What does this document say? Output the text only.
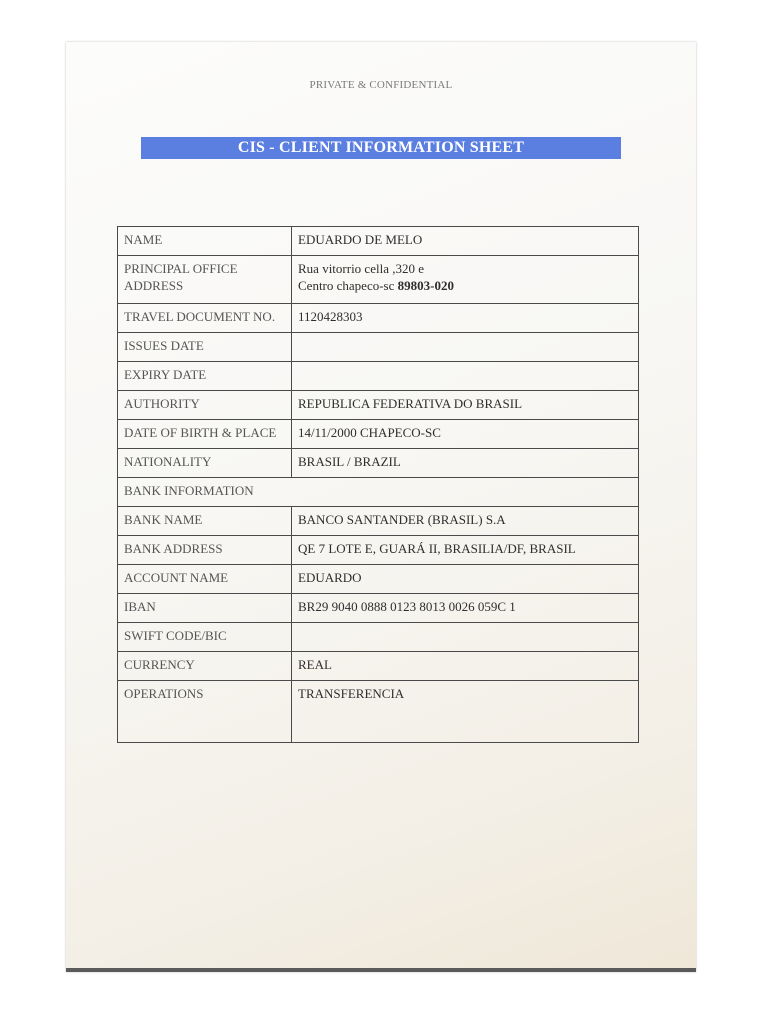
PRIVATE & CONFIDENTIAL
CIS - CLIENT INFORMATION SHEET
NAME	EDUARDO DE MELO
PRINCIPAL OFFICE ADDRESS	Rua vitorrio cella ,320 e
Centro chapeco-sc 89803-020

TRAVEL DOCUMENT NO.	1120428303
ISSUES DATE	
EXPIRY DATE	
AUTHORITY	REPUBLICA FEDERATIVA DO BRASIL
DATE OF BIRTH & PLACE	14/11/2000 CHAPECO-SC
NATIONALITY	BRASIL / BRAZIL
BANK INFORMATION	
BANK NAME	BANCO SANTANDER (BRASIL) S.A
BANK ADDRESS	QE 7 LOTE E, GUARÁ II, BRASILIA/DF, BRASIL
ACCOUNT NAME	EDUARDO
IBAN	BR29 9040 0888 0123 8013 0026 059C 1
SWIFT CODE/BIC	
CURRENCY	REAL
OPERATIONS	TRANSFERENCIA
